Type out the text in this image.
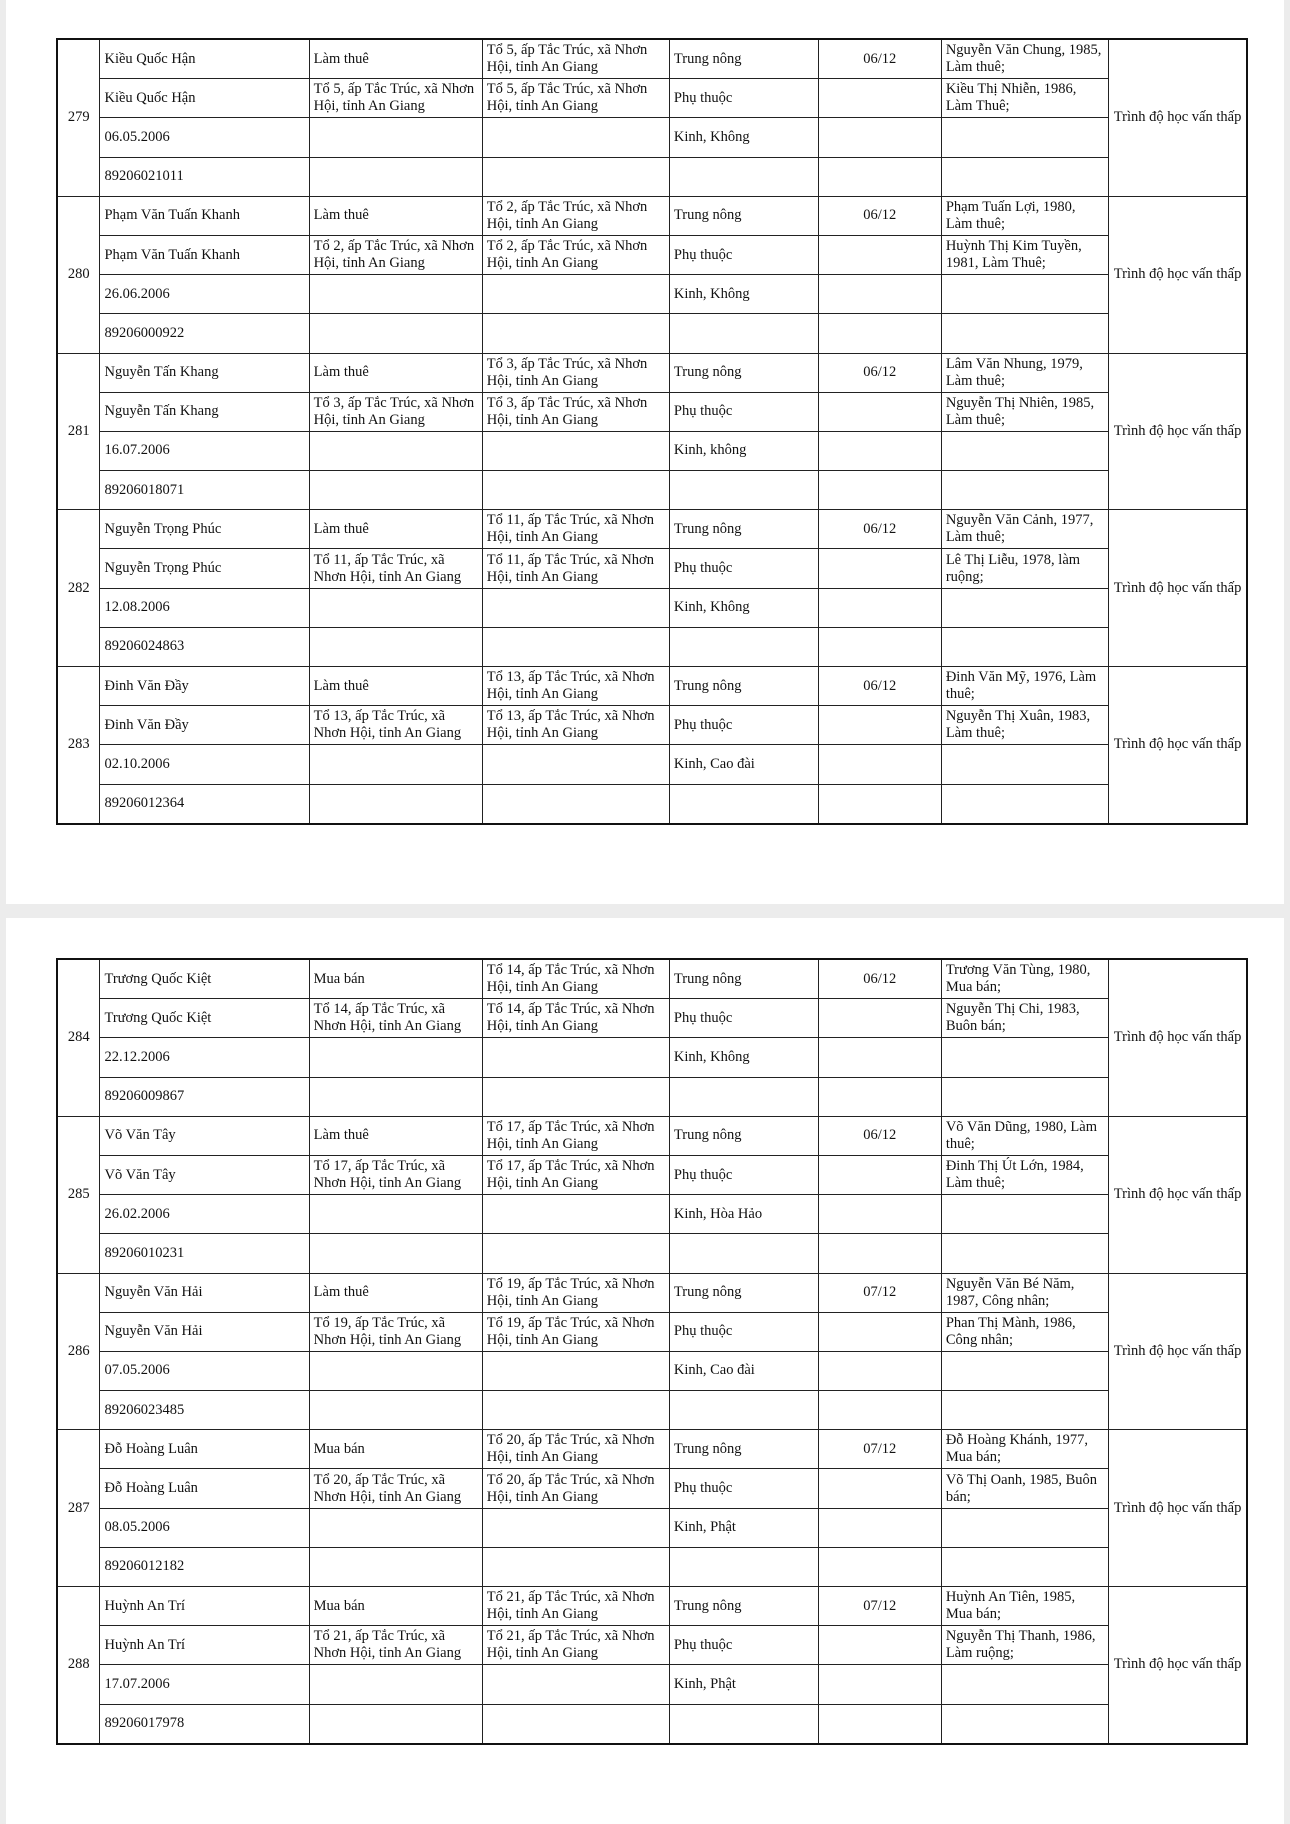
279	Kiều Quốc Hận	Làm thuê	Tổ 5, ấp Tắc Trúc, xã Nhơn Hội, tỉnh An Giang	Trung nông	06/12	Nguyễn Văn Chung, 1985, Làm thuê;	Trình độ học vấn thấp
	Kiều Quốc Hận	Tổ 5, ấp Tắc Trúc, xã Nhơn Hội, tỉnh An Giang	Tổ 5, ấp Tắc Trúc, xã Nhơn Hội, tỉnh An Giang	Phụ thuộc		Kiều Thị Nhiễn, 1986, Làm Thuê;	

	06.05.2006			Kinh, Không			
	89206021011						
280	Phạm Văn Tuấn Khanh	Làm thuê	Tổ 2, ấp Tắc Trúc, xã Nhơn Hội, tỉnh An Giang	Trung nông	06/12	Phạm Tuấn Lợi, 1980, Làm thuê;	Trình độ học vấn thấp
	Phạm Văn Tuấn Khanh	Tổ 2, ấp Tắc Trúc, xã Nhơn Hội, tỉnh An Giang	Tổ 2, ấp Tắc Trúc, xã Nhơn Hội, tỉnh An Giang	Phụ thuộc		Huỳnh Thị Kim Tuyền, 1981, Làm Thuê;	

	26.06.2006			Kinh, Không			
	89206000922						
281	Nguyễn Tấn Khang	Làm thuê	Tổ 3, ấp Tắc Trúc, xã Nhơn Hội, tỉnh An Giang	Trung nông	06/12	Lâm Văn Nhung, 1979, Làm thuê;	Trình độ học vấn thấp
	Nguyễn Tấn Khang	Tổ 3, ấp Tắc Trúc, xã Nhơn Hội, tỉnh An Giang	Tổ 3, ấp Tắc Trúc, xã Nhơn Hội, tỉnh An Giang	Phụ thuộc		Nguyễn Thị Nhiên, 1985, Làm thuê;	

	16.07.2006			Kinh, không			
	89206018071						
282	Nguyễn Trọng Phúc	Làm thuê	Tổ 11, ấp Tắc Trúc, xã Nhơn Hội, tỉnh An Giang	Trung nông	06/12	Nguyễn Văn Cảnh, 1977, Làm thuê;	Trình độ học vấn thấp
	Nguyễn Trọng Phúc	Tổ 11, ấp Tắc Trúc, xã Nhơn Hội, tỉnh An Giang	Tổ 11, ấp Tắc Trúc, xã Nhơn Hội, tỉnh An Giang	Phụ thuộc		Lê Thị Liễu, 1978, làm ruộng;	

	12.08.2006			Kinh, Không			
	89206024863						
283	Đinh Văn Đầy	Làm thuê	Tổ 13, ấp Tắc Trúc, xã Nhơn Hội, tỉnh An Giang	Trung nông	06/12	Đinh Văn Mỹ, 1976, Làm thuê;	Trình độ học vấn thấp
	Đinh Văn Đầy	Tổ 13, ấp Tắc Trúc, xã Nhơn Hội, tỉnh An Giang	Tổ 13, ấp Tắc Trúc, xã Nhơn Hội, tỉnh An Giang	Phụ thuộc		Nguyễn Thị Xuân, 1983, Làm thuê;	

	02.10.2006			Kinh, Cao đài			
	89206012364						
284	Trương Quốc Kiệt	Mua bán	Tổ 14, ấp Tắc Trúc, xã Nhơn Hội, tỉnh An Giang	Trung nông	06/12	Trương Văn Tùng, 1980, Mua bán;	Trình độ học vấn thấp
	Trương Quốc Kiệt	Tổ 14, ấp Tắc Trúc, xã Nhơn Hội, tỉnh An Giang	Tổ 14, ấp Tắc Trúc, xã Nhơn Hội, tỉnh An Giang	Phụ thuộc		Nguyễn Thị Chi, 1983, Buôn bán;	

	22.12.2006			Kinh, Không			
	89206009867						
285	Võ Văn Tây	Làm thuê	Tổ 17, ấp Tắc Trúc, xã Nhơn Hội, tỉnh An Giang	Trung nông	06/12	Võ Văn Dũng, 1980, Làm thuê;	Trình độ học vấn thấp
	Võ Văn Tây	Tổ 17, ấp Tắc Trúc, xã Nhơn Hội, tỉnh An Giang	Tổ 17, ấp Tắc Trúc, xã Nhơn Hội, tỉnh An Giang	Phụ thuộc		Đinh Thị Út Lớn, 1984, Làm thuê;	

	26.02.2006			Kinh, Hòa Hảo			
	89206010231						
286	Nguyễn Văn Hải	Làm thuê	Tổ 19, ấp Tắc Trúc, xã Nhơn Hội, tỉnh An Giang	Trung nông	07/12	Nguyễn Văn Bé Năm, 1987, Công nhân;	Trình độ học vấn thấp
	Nguyễn Văn Hải	Tổ 19, ấp Tắc Trúc, xã Nhơn Hội, tỉnh An Giang	Tổ 19, ấp Tắc Trúc, xã Nhơn Hội, tỉnh An Giang	Phụ thuộc		Phan Thị Mành, 1986, Công nhân;	

	07.05.2006			Kinh, Cao đài			
	89206023485						
287	Đỗ Hoàng Luân	Mua bán	Tổ 20, ấp Tắc Trúc, xã Nhơn Hội, tỉnh An Giang	Trung nông	07/12	Đỗ Hoàng Khánh, 1977, Mua bán;	Trình độ học vấn thấp
	Đỗ Hoàng Luân	Tổ 20, ấp Tắc Trúc, xã Nhơn Hội, tỉnh An Giang	Tổ 20, ấp Tắc Trúc, xã Nhơn Hội, tỉnh An Giang	Phụ thuộc		Võ Thị Oanh, 1985, Buôn bán;	

	08.05.2006			Kinh, Phật			
	89206012182						
288	Huỳnh An Trí	Mua bán	Tổ 21, ấp Tắc Trúc, xã Nhơn Hội, tỉnh An Giang	Trung nông	07/12	Huỳnh An Tiên, 1985, Mua bán;	Trình độ học vấn thấp
	Huỳnh An Trí	Tổ 21, ấp Tắc Trúc, xã Nhơn Hội, tỉnh An Giang	Tổ 21, ấp Tắc Trúc, xã Nhơn Hội, tỉnh An Giang	Phụ thuộc		Nguyễn Thị Thanh, 1986, Làm ruộng;	

	17.07.2006			Kinh, Phật			
	89206017978						
